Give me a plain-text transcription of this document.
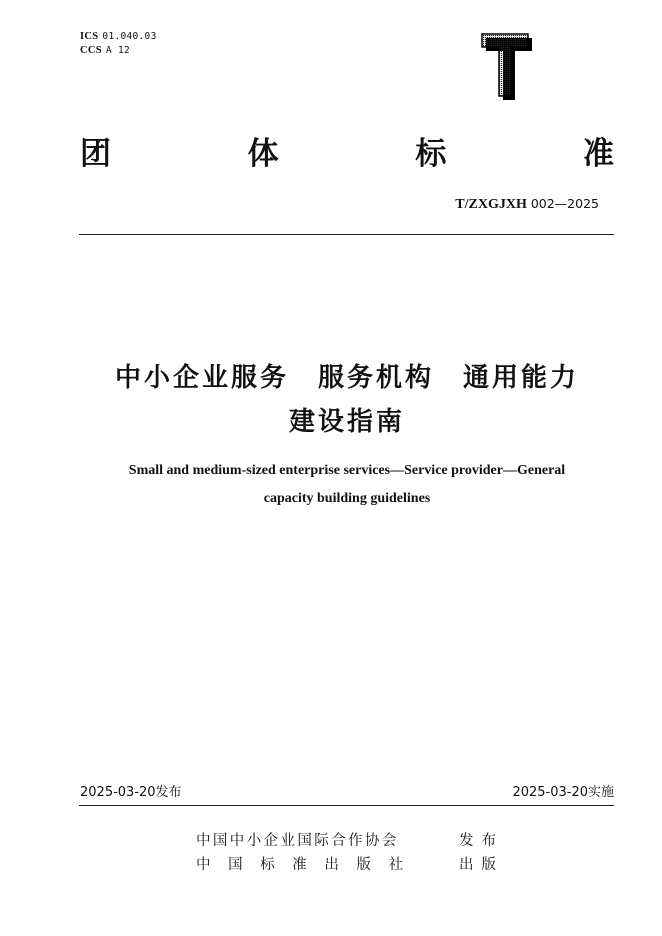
ICS 01.040.03
CCS A 12
团	体	标	准
T/ZXGJXH 002—2025
中小企业服务　服务机构　通用能力
建设指南
Small and medium-sized enterprise services—Service provider—General
capacity building guidelines
2025-03-20发布	2025-03-20实施
中国中小企业国际合作协会	发布
中国标准出版社	出版
